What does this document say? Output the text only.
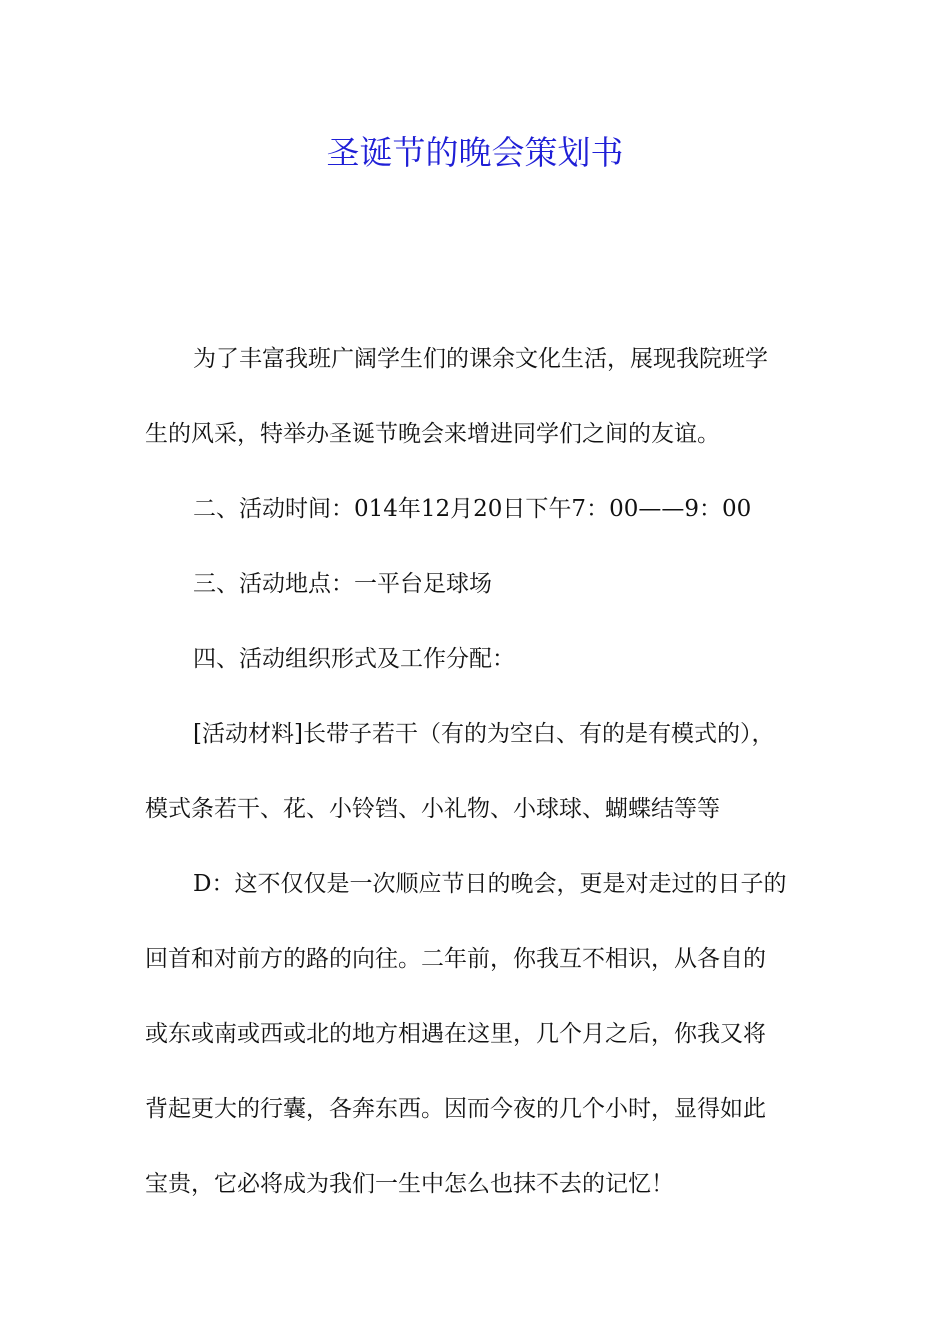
圣诞节的晚会策划书
为了丰富我班广阔学生们的课余文化生活，展现我院班学
生的风采，特举办圣诞节晚会来增进同学们之间的友谊。
二、活动时间：014年12月20日下午7：00——9：00
三、活动地点：一平台足球场
四、活动组织形式及工作分配：
[活动材料]长带子若干（有的为空白、有的是有模式的），
模式条若干、花、小铃铛、小礼物、小球球、蝴蝶结等等
D：这不仅仅是一次顺应节日的晚会，更是对走过的日子的
回首和对前方的路的向往。二年前，你我互不相识，从各自的
或东或南或西或北的地方相遇在这里，几个月之后，你我又将
背起更大的行囊，各奔东西。因而今夜的几个小时，显得如此
宝贵，它必将成为我们一生中怎么也抹不去的记忆！
